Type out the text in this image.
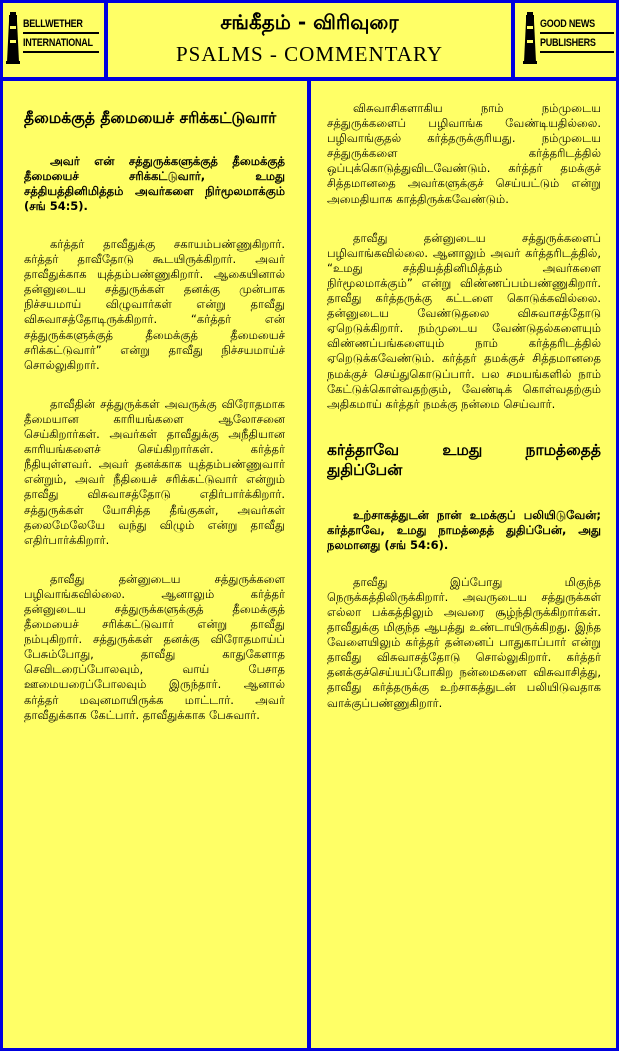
BELLWETHER
INTERNATIONAL
சங்கீதம் - விரிவுரை
PSALMS - COMMENTARY
GOOD NEWS
PUBLISHERS
தீமைக்குத் தீமையைச் சரிக்கட்டுவார்

அவர் என் சத்துருக்களுக்குத் தீமைக்குத் தீமையைச் சரிக்கட்டுவார், உமது சத்தியத்தினிமித்தம் அவர்களை நிர்மூலமாக்கும் (சங் 54:5).

கர்த்தர் தாவீதுக்கு சகாயம்பண்ணுகிறார். கர்த்தர் தாவீதோடு கூடயிருக்கிறார். அவர் தாவீதுக்காக யுத்தம்பண்ணுகிறார். ஆகையினால் தன்னுடைய சத்துருக்கள் தனக்கு முன்பாக நிச்சயமாய் விழுவார்கள் என்று தாவீது விசுவாசத்தோடிருக்கிறார். “கர்த்தர் என் சத்துருக்களுக்குத் தீமைக்குத் தீமையைச் சரிக்கட்டுவார்” என்று தாவீது நிச்சயமாய்ச் சொல்லுகிறார்.

தாவீதின் சத்துருக்கள் அவருக்கு விரோதமாக தீமையான காரியங்களை ஆலோசனை செய்கிறார்கள். அவர்கள் தாவீதுக்கு அநீதியான காரியங்களைச் செய்கிறார்கள். கர்த்தர் நீதியுள்ளவர். அவர் தனக்காக யுத்தம்பண்ணுவார் என்றும், அவர் நீதியைச் சரிக்கட்டுவார் என்றும் தாவீது விசுவாசத்தோடு எதிர்பார்க்கிறார். சத்துருக்கள் யோசித்த தீங்குகள், அவர்கள் தலைமேலேயே வந்து விழும் என்று தாவீது எதிர்பார்க்கிறார்.

தாவீது தன்னுடைய சத்துருக்களை பழிவாங்கவில்லை. ஆனாலும் கர்த்தர் தன்னுடைய சத்துருக்களுக்குத் தீமைக்குத் தீமையைச் சரிக்கட்டுவார் என்று தாவீது நம்புகிறார். சத்துருக்கள் தனக்கு விரோதமாய்ப் பேசும்போது, தாவீது காதுகேளாத செவிடரைப்போலவும், வாய் பேசாத ஊமையரைப்போலவும் இருந்தார். ஆனால் கர்த்தர் மவுனமாயிருக்க மாட்டார். அவர் தாவீதுக்காக கேட்பார். தாவீதுக்காக பேசுவார்.

விசுவாசிகளாகிய நாம் நம்முடைய சத்துருக்களைப் பழிவாங்க வேண்டியதில்லை. பழிவாங்குதல் கர்த்தருக்குரியது. நம்முடைய சத்துருக்களை கர்த்தரிடத்தில் ஒப்புக்கொடுத்துவிடவேண்டும். கர்த்தர் தமக்குச் சித்தமானதை அவர்களுக்குச் செய்யட்டும் என்று அமைதியாக காத்திருக்கவேண்டும்.

தாவீது தன்னுடைய சத்துருக்களைப் பழிவாங்கவில்லை. ஆனாலும் அவர் கர்த்தரிடத்தில், “உமது சத்தியத்தினிமித்தம் அவர்களை நிர்மூலமாக்கும்” என்று விண்ணப்பம்பண்ணுகிறார். தாவீது கர்த்தருக்கு கட்டளை கொடுக்கவில்லை. தன்னுடைய வேண்டுதலை விசுவாசத்தோடு ஏறெடுக்கிறார். நம்முடைய வேண்டுதல்களையும் விண்ணப்பங்களையும் நாம் கர்த்தரிடத்தில் ஏறெடுக்கவேண்டும். கர்த்தர் தமக்குச் சித்தமானதை நமக்குச் செய்துகொடுப்பார். பல சமயங்களில் நாம் கேட்டுக்கொள்வதற்கும், வேண்டிக் கொள்வதற்கும் அதிகமாய் கர்த்தர் நமக்கு நன்மை செய்வார்.

கர்த்தாவே உமது நாமத்தைத் துதிப்பேன்

உற்சாகத்துடன் நான் உமக்குப் பலியிடுவேன்; கர்த்தாவே, உமது நாமத்தைத் துதிப்பேன், அது நலமானது (சங் 54:6).

தாவீது இப்போது மிகுந்த நெருக்கத்திலிருக்கிறார். அவருடைய சத்துருக்கள் எல்லா பக்கத்திலும் அவரை சூழ்ந்திருக்கிறார்கள். தாவீதுக்கு மிகுந்த ஆபத்து உண்டாயிருக்கிறது. இந்த வேளையிலும் கர்த்தர் தன்னைப் பாதுகாப்பார் என்று தாவீது விசுவாசத்தோடு சொல்லுகிறார். கர்த்தர் தனக்குச்செய்யப்போகிற நன்மைகளை விசுவாசித்து, தாவீது கர்த்தருக்கு உற்சாகத்துடன் பலியிடுவதாக வாக்குப்பண்ணுகிறார்.
